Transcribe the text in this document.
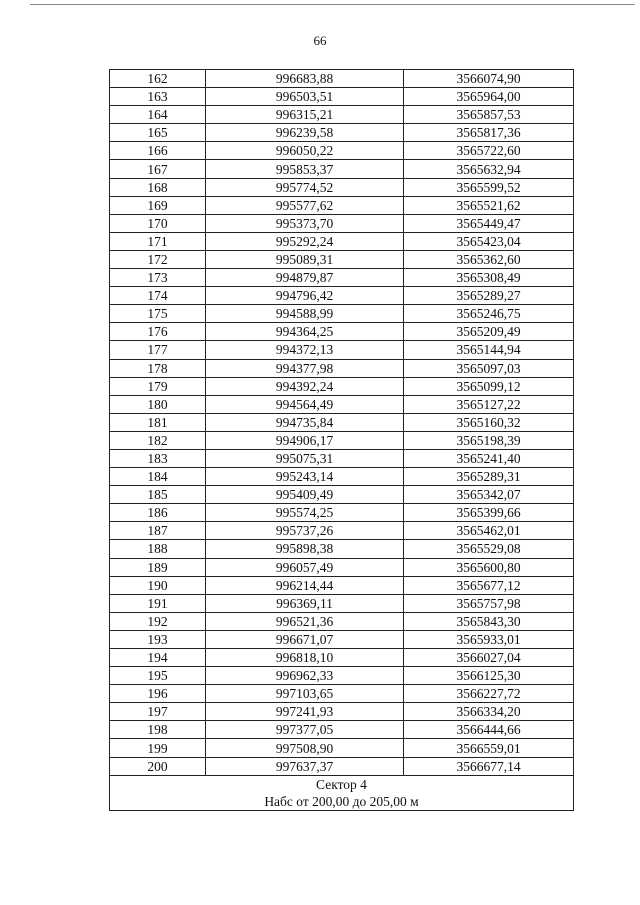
66
162	996683,88	3566074,90
163	996503,51	3565964,00
164	996315,21	3565857,53
165	996239,58	3565817,36
166	996050,22	3565722,60
167	995853,37	3565632,94
168	995774,52	3565599,52
169	995577,62	3565521,62
170	995373,70	3565449,47
171	995292,24	3565423,04
172	995089,31	3565362,60
173	994879,87	3565308,49
174	994796,42	3565289,27
175	994588,99	3565246,75
176	994364,25	3565209,49
177	994372,13	3565144,94
178	994377,98	3565097,03
179	994392,24	3565099,12
180	994564,49	3565127,22
181	994735,84	3565160,32
182	994906,17	3565198,39
183	995075,31	3565241,40
184	995243,14	3565289,31
185	995409,49	3565342,07
186	995574,25	3565399,66
187	995737,26	3565462,01
188	995898,38	3565529,08
189	996057,49	3565600,80
190	996214,44	3565677,12
191	996369,11	3565757,98
192	996521,36	3565843,30
193	996671,07	3565933,01
194	996818,10	3566027,04
195	996962,33	3566125,30
196	997103,65	3566227,72
197	997241,93	3566334,20
198	997377,05	3566444,66
199	997508,90	3566559,01
200	997637,37	3566677,14

Сектор 4
Набс от 200,00 до 205,00 м		
